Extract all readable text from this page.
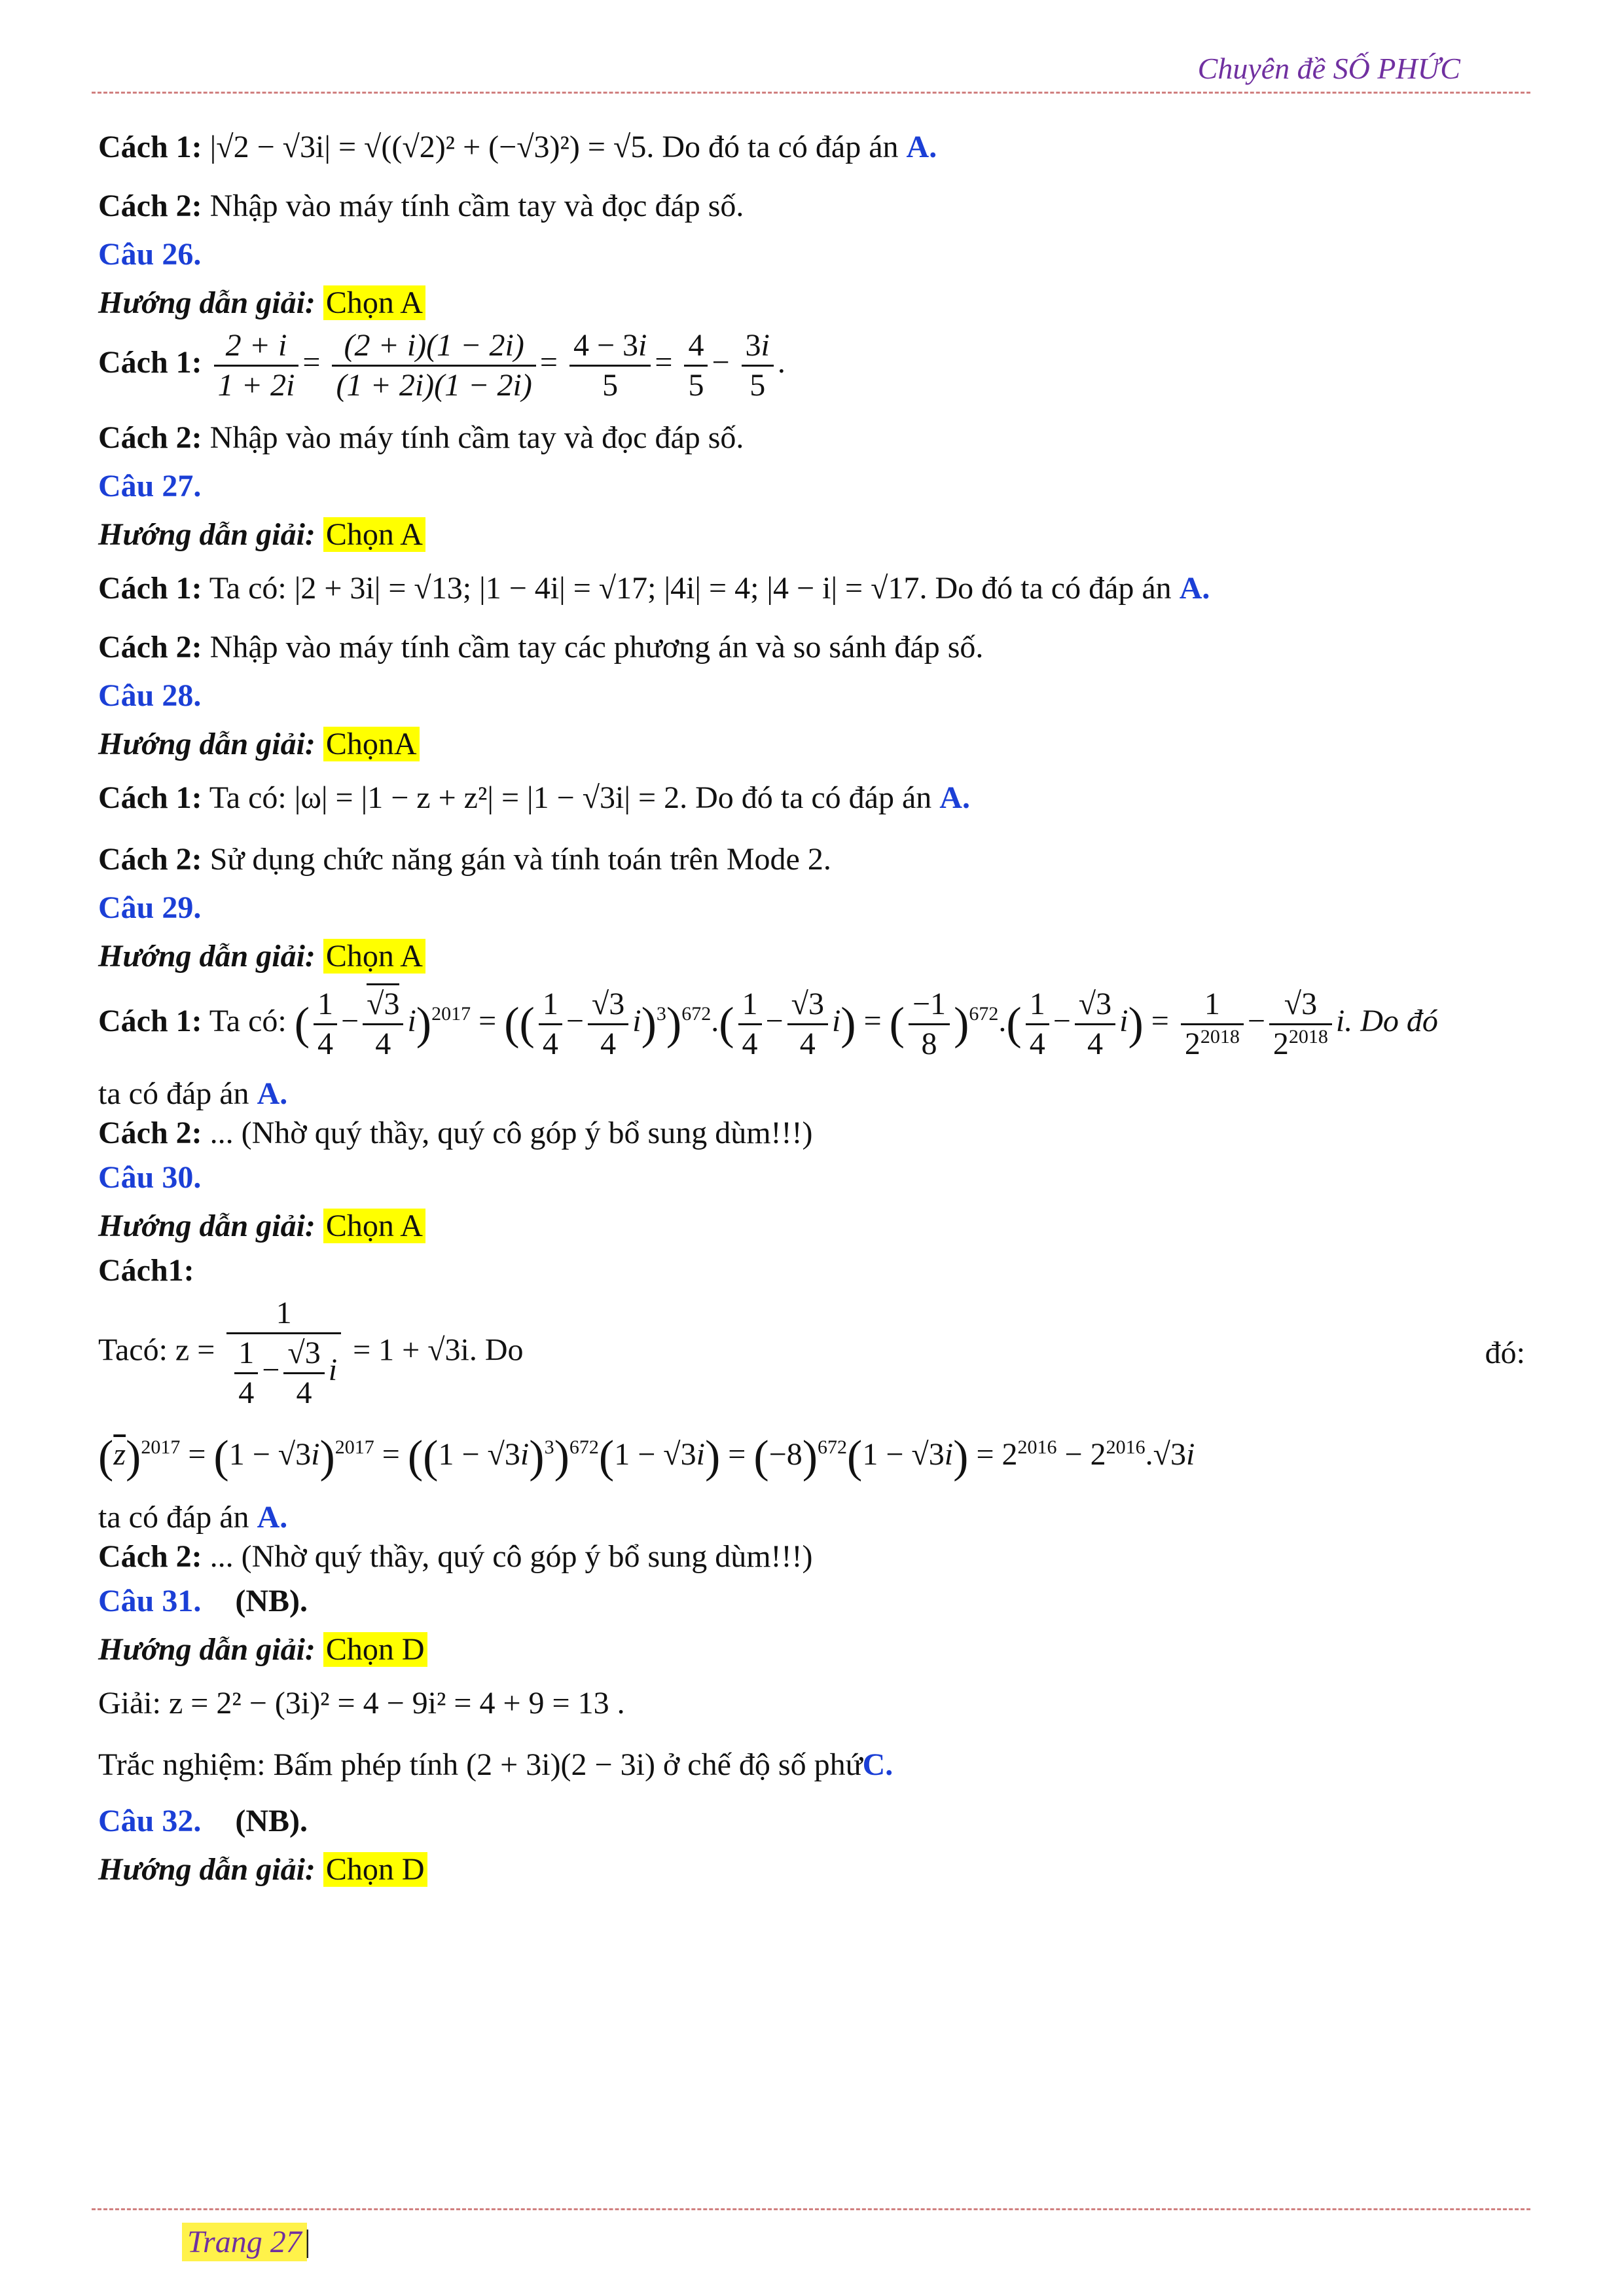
Chuyên đề SỐ PHỨC

Cách 1: |√2 − √3i| = √((√2)² + (−√3)²) = √5. Do đó ta có đáp án A.

Cách 2: Nhập vào máy tính cầm tay và đọc đáp số.

Câu 26.

Hướng dẫn giải: Chọn A

Cách 1: $\frac{2 + i}{1 + 2i} = \frac{(2 + i)(1 - 2i)}{(1 + 2i)(1 - 2i)} = \frac{4 - 3i}{5} = \frac{4}{5} - \frac{3i}{5}$ .

Cách 2: Nhập vào máy tính cầm tay và đọc đáp số.

Câu 27.

Hướng dẫn giải: Chọn A

Cách 1: Ta có: |2 + 3i| = √13; |1 − 4i| = √17; |4i| = 4; |4 − i| = √17. Do đó ta có đáp án A.

Cách 2: Nhập vào máy tính cầm tay các phương án và so sánh đáp số.

Câu 28.

Hướng dẫn giải: ChọnA

Cách 1: Ta có: |ω| = |1 − z + z²| = |1 − √3i| = 2. Do đó ta có đáp án A.

Cách 2: Sử dụng chức năng gán và tính toán trên Mode 2.

Câu 29.

Hướng dẫn giải: Chọn A

Cách 1: Ta có: ( $\frac{1}{4} - \frac{√3}{4} i)^{2017}$ = (( $\frac{1}{4} - \frac{√3}{4} i)^3)^{672}.( \frac{1}{4} - \frac{√3}{4} i)$ = ( $\frac{-1}{8} )^{672}.( \frac{1}{4} - \frac{√3}{4} i) = \frac{1}{2^{2018}} - \frac{√3}{2^{2018}} i$. Do đó

ta có đáp án A.

Cách 2: ... (Nhờ quý thầy, quý cô góp ý bổ sung dùm!!!)

Câu 30.

Hướng dẫn giải: Chọn A

Cách1:

Tacó: $z = \frac{1}{\frac{1}{4} - \frac{√3}{4} i} = 1 + √3i$. Do	đó:

$(\overline{z})^{2017} = (1 - √3i)^{2017} = ((1 - √3i)^3)^{672}(1 - √3i) = (-8)^{672}(1 - √3i) = 2^{2016} - 2^{2016}.√3i$

ta có đáp án A.

Cách 2: ... (Nhờ quý thầy, quý cô góp ý bổ sung dùm!!!)

Câu 31. (NB).

Hướng dẫn giải: Chọn D

Giải: z = 2² − (3i)² = 4 − 9i² = 4 + 9 = 13 .

Trắc nghiệm: Bấm phép tính (2 + 3i)(2 − 3i) ở chế độ số phứC.

Câu 32. (NB).

Hướng dẫn giải: Chọn D

Trang 27 |
